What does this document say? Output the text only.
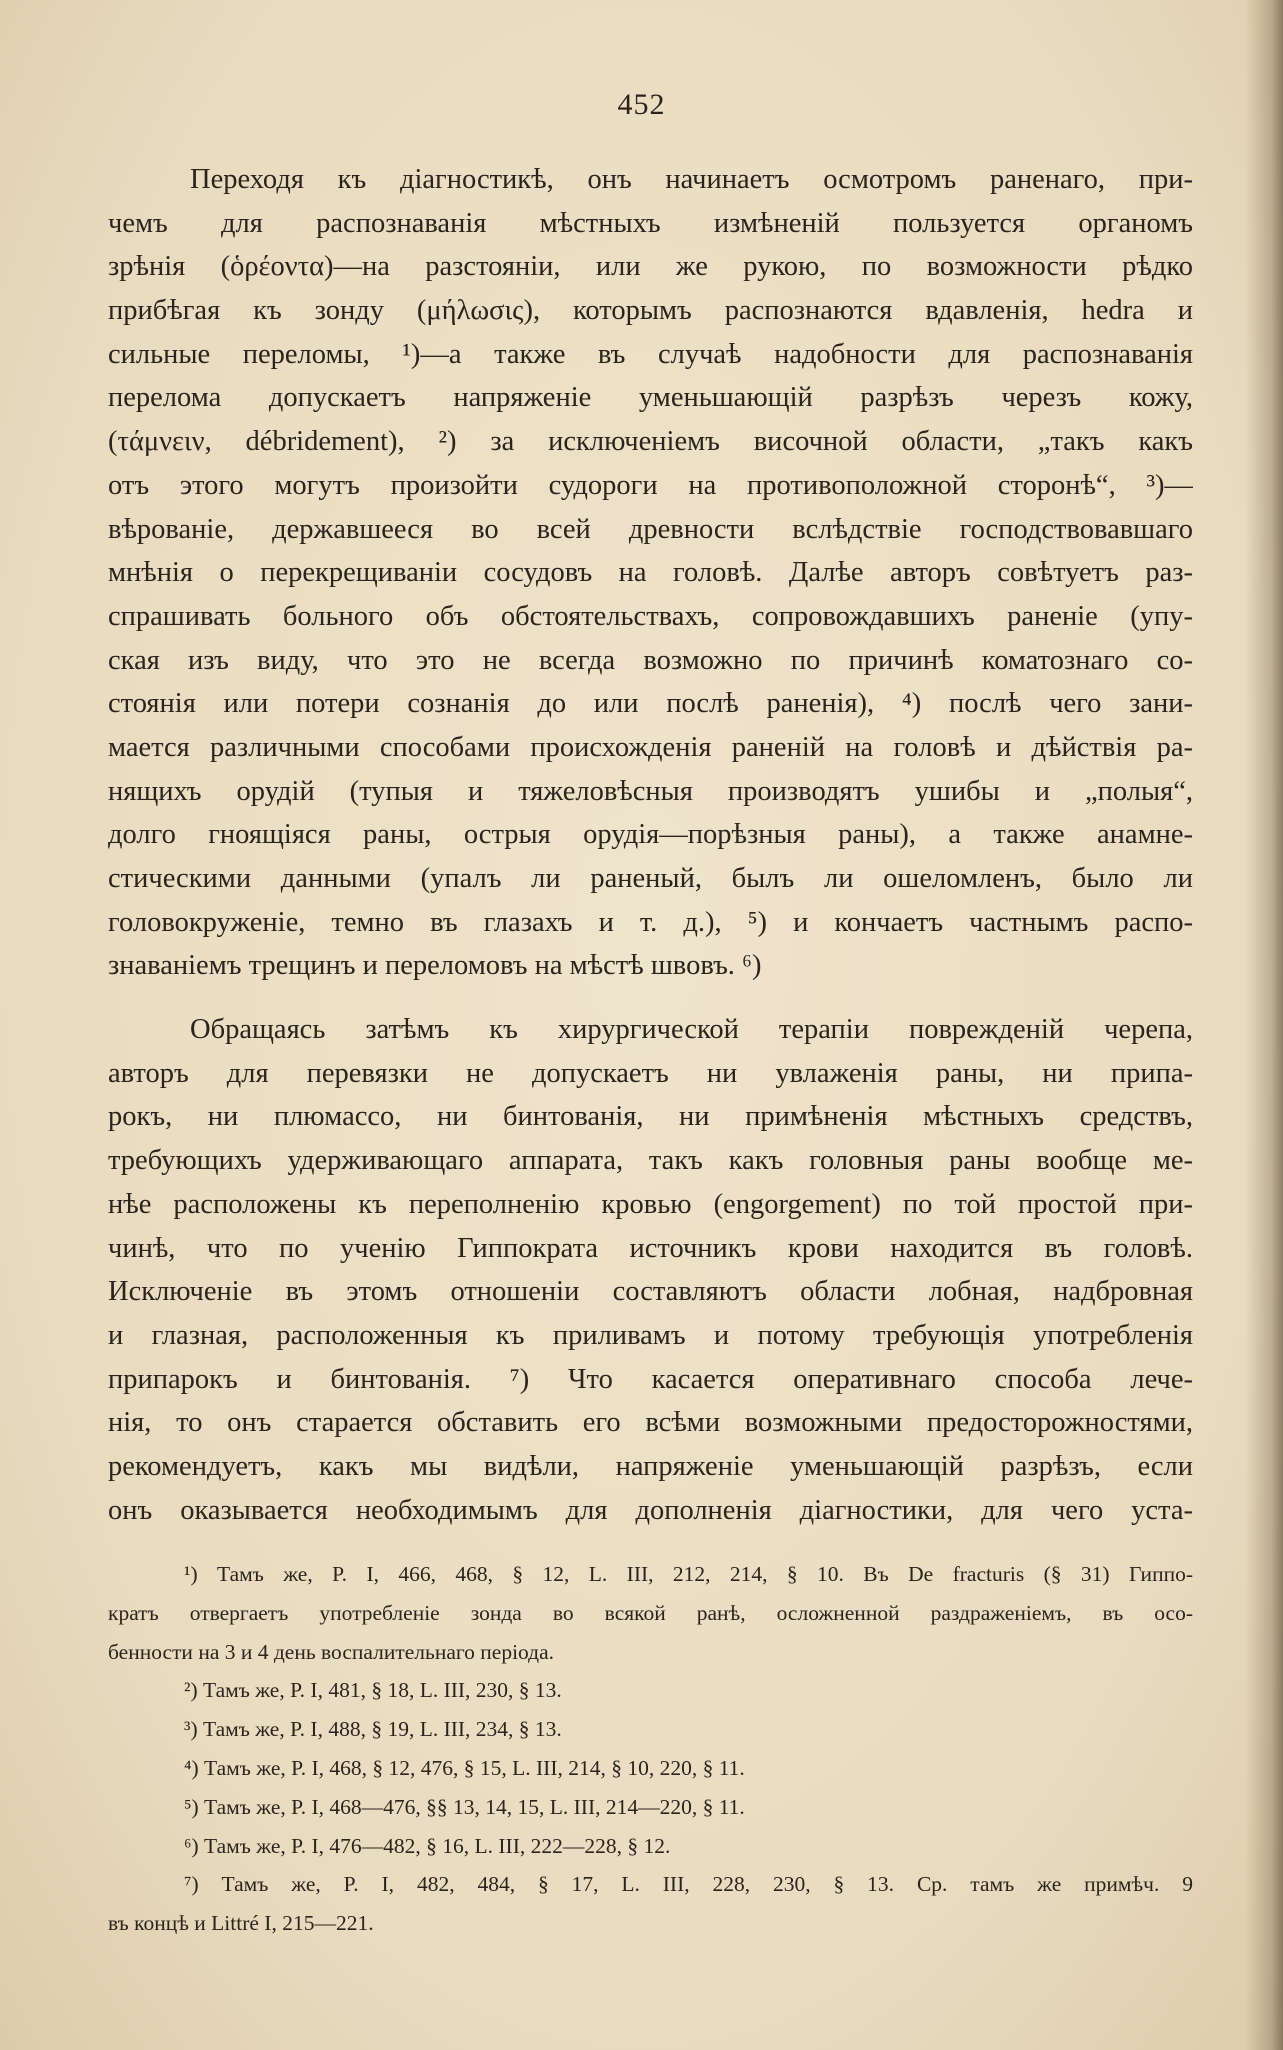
452
Переходя къ діагностикѣ, онъ начинаетъ осмотромъ раненаго, при-
чемъ для распознаванія мѣстныхъ измѣненій пользуется органомъ
зрѣнія (ὁρέοντα)—на разстояніи, или же рукою, по возможности рѣдко
прибѣгая къ зонду (μήλωσις), которымъ распознаются вдавленія, hedra и
сильные переломы, ¹)—а также въ случаѣ надобности для распознаванія
перелома допускаетъ напряженіе уменьшающій разрѣзъ черезъ кожу,
(τάμνειν, débridement), ²) за исключеніемъ височной области, „такъ какъ
отъ этого могутъ произойти судороги на противоположной сторонѣ“, ³)—
вѣрованіе, державшееся во всей древности вслѣдствіе господствовавшаго
мнѣнія о перекрещиваніи сосудовъ на головѣ. Далѣе авторъ совѣтуетъ раз-
спрашивать больного объ обстоятельствахъ, сопровождавшихъ раненіе (упу-
ская изъ виду, что это не всегда возможно по причинѣ коматознаго со-
стоянія или потери сознанія до или послѣ раненія), ⁴) послѣ чего зани-
мается различными способами происхожденія раненій на головѣ и дѣйствія ра-
нящихъ орудій (тупыя и тяжеловѣсныя производятъ ушибы и „полыя“,
долго гноящіяся раны, острыя орудія—порѣзныя раны), а также анамне-
стическими данными (упалъ ли раненый, былъ ли ошеломленъ, было ли
головокруженіе, темно въ глазахъ и т. д.), ⁵) и кончаетъ частнымъ распо-
знаваніемъ трещинъ и переломовъ на мѣстѣ швовъ. ⁶)
Обращаясь затѣмъ къ хирургической терапіи поврежденій черепа,
авторъ для перевязки не допускаетъ ни увлаженія раны, ни припа-
рокъ, ни плюмассо, ни бинтованія, ни примѣненія мѣстныхъ средствъ,
требующихъ удерживающаго аппарата, такъ какъ головныя раны вообще ме-
нѣе расположены къ переполненію кровью (engorgement) по той простой при-
чинѣ, что по ученію Гиппократа источникъ крови находится въ головѣ.
Исключеніе въ этомъ отношеніи составляютъ области лобная, надбровная
и глазная, расположенныя къ приливамъ и потому требующія употребленія
припарокъ и бинтованія. ⁷) Что касается оперативнаго способа лече-
нія, то онъ старается обставить его всѣми возможными предосторожностями,
рекомендуетъ, какъ мы видѣли, напряженіе уменьшающій разрѣзъ, если
онъ оказывается необходимымъ для дополненія діагностики, для чего уста-
¹) Тамъ же, P. I, 466, 468, § 12, L. III, 212, 214, § 10. Въ De fracturis (§ 31) Гиппо-
кратъ отвергаетъ употребленіе зонда во всякой ранѣ, осложненной раздраженіемъ, въ осо-
бенности на 3 и 4 день воспалительнаго періода.
²) Тамъ же, P. I, 481, § 18, L. III, 230, § 13.
³) Тамъ же, P. I, 488, § 19, L. III, 234, § 13.
⁴) Тамъ же, P. I, 468, § 12, 476, § 15, L. III, 214, § 10, 220, § 11.
⁵) Тамъ же, P. I, 468—476, §§ 13, 14, 15, L. III, 214—220, § 11.
⁶) Тамъ же, P. I, 476—482, § 16, L. III, 222—228, § 12.
⁷) Тамъ же, P. I, 482, 484, § 17, L. III, 228, 230, § 13. Ср. тамъ же примѣч. 9
въ концѣ и Littré I, 215—221.
